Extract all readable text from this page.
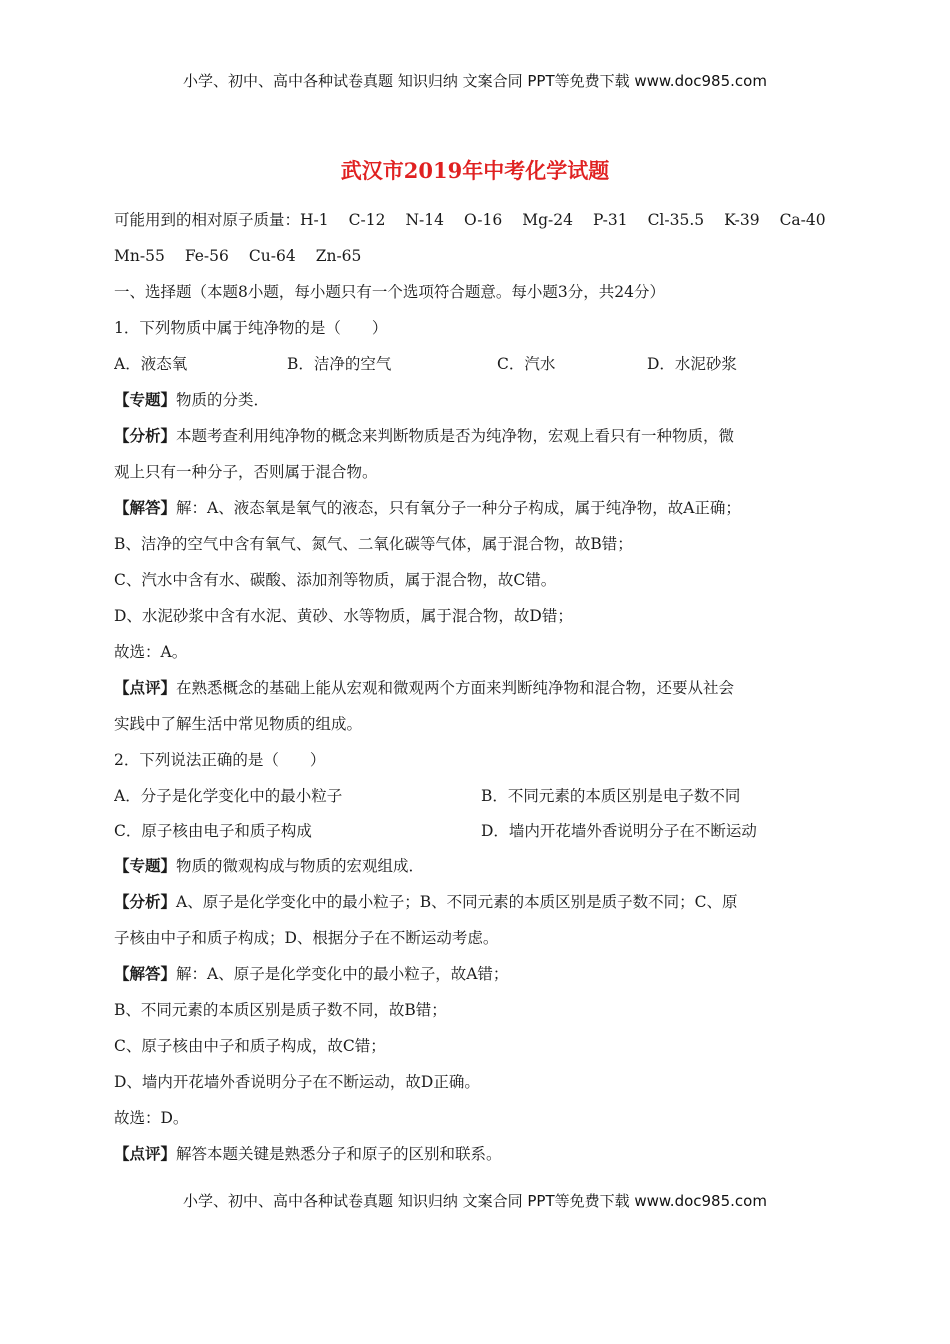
小学、初中、高中各种试卷真题 知识归纳 文案合同 PPT等免费下载 www.doc985.com
武汉市2019年中考化学试题
可能用到的相对原子质量： H-1 C-12 N-14 O-16 Mg-24 P-31 Cl-35.5 K-39 Ca-40
Mn-55 Fe-56 Cu-64 Zn-65
一、选择题（本题8小题，每小题只有一个选项符合题意。每小题3分，共24分）
1．下列物质中属于纯净物的是（　　）
A．液态氧	B．洁净的空气	C．汽水	D．水泥砂浆
【专题】物质的分类．
【分析】本题考查利用纯净物的概念来判断物质是否为纯净物，宏观上看只有一种物质，微
观上只有一种分子，否则属于混合物。
【解答】解：A、液态氧是氧气的液态，只有氧分子一种分子构成，属于纯净物，故A正确；
B、洁净的空气中含有氧气、氮气、二氧化碳等气体，属于混合物，故B错；
C、汽水中含有水、碳酸、添加剂等物质，属于混合物，故C错。
D、水泥砂浆中含有水泥、黄砂、水等物质，属于混合物，故D错；
故选：A。
【点评】在熟悉概念的基础上能从宏观和微观两个方面来判断纯净物和混合物，还要从社会
实践中了解生活中常见物质的组成。
2．下列说法正确的是（　　）
A．分子是化学变化中的最小粒子	B．不同元素的本质区别是电子数不同
C．原子核由电子和质子构成	D．墙内开花墙外香说明分子在不断运动
【专题】物质的微观构成与物质的宏观组成．
【分析】A、原子是化学变化中的最小粒子；B、不同元素的本质区别是质子数不同；C、原
子核由中子和质子构成；D、根据分子在不断运动考虑。
【解答】解：A、原子是化学变化中的最小粒子，故A错；
B、不同元素的本质区别是质子数不同，故B错；
C、原子核由中子和质子构成，故C错；
D、墙内开花墙外香说明分子在不断运动，故D正确。
故选：D。
【点评】解答本题关键是熟悉分子和原子的区别和联系。
小学、初中、高中各种试卷真题 知识归纳 文案合同 PPT等免费下载 www.doc985.com
